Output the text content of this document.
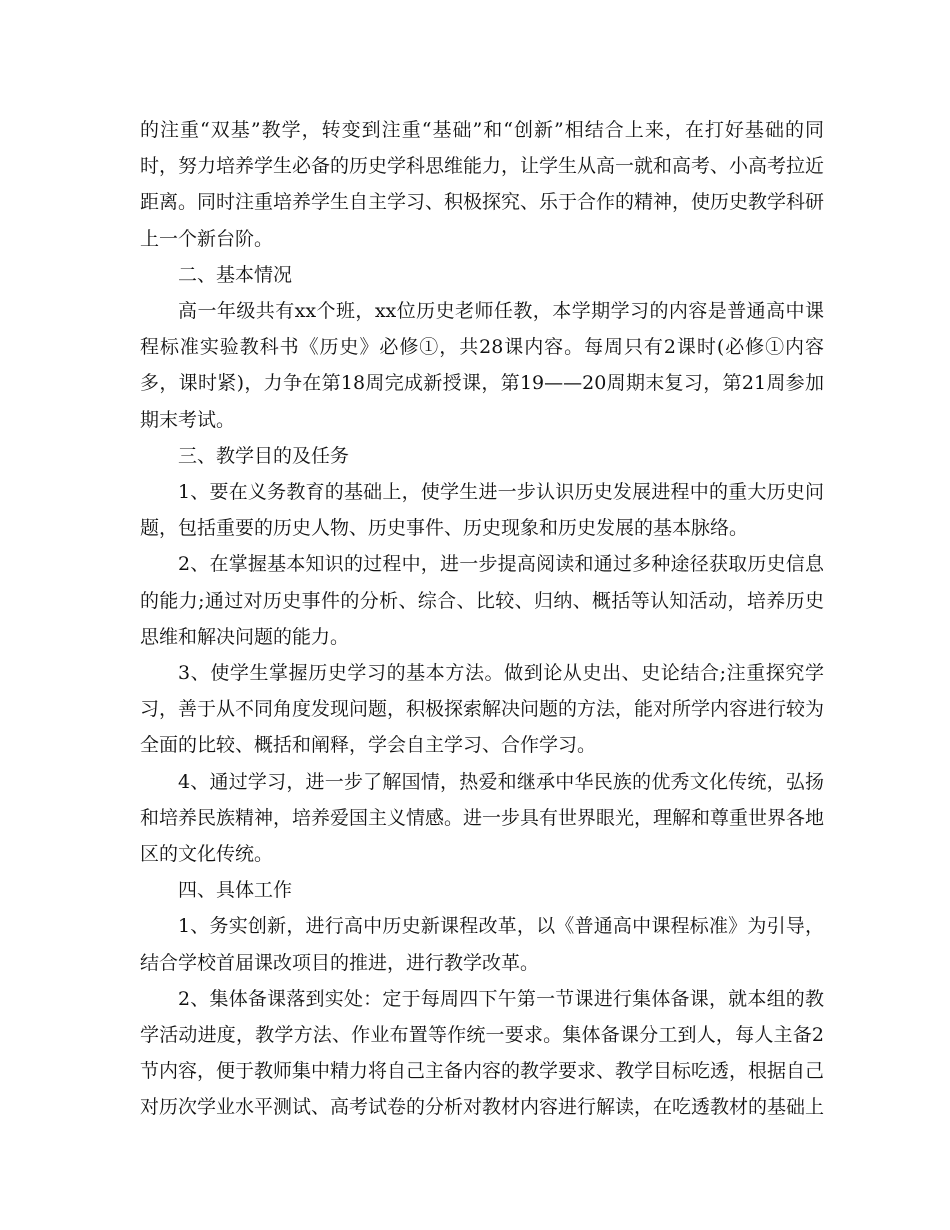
的注重“双基”教学，转变到注重“基础”和“创新”相结合上来，在打好基础的同时，努力培养学生必备的历史学科思维能力，让学生从高一就和高考、小高考拉近距离。同时注重培养学生自主学习、积极探究、乐于合作的精神，使历史教学科研上一个新台阶。

二、基本情况

高一年级共有xx个班，xx位历史老师任教，本学期学习的内容是普通高中课程标准实验教科书《历史》必修①，共28课内容。每周只有2课时(必修①内容多，课时紧)，力争在第18周完成新授课，第19——20周期末复习，第21周参加期末考试。

三、教学目的及任务

1、要在义务教育的基础上，使学生进一步认识历史发展进程中的重大历史问题，包括重要的历史人物、历史事件、历史现象和历史发展的基本脉络。

2、在掌握基本知识的过程中，进一步提高阅读和通过多种途径获取历史信息的能力;通过对历史事件的分析、综合、比较、归纳、概括等认知活动，培养历史思维和解决问题的能力。

3、使学生掌握历史学习的基本方法。做到论从史出、史论结合;注重探究学习，善于从不同角度发现问题，积极探索解决问题的方法，能对所学内容进行较为全面的比较、概括和阐释，学会自主学习、合作学习。

4、通过学习，进一步了解国情，热爱和继承中华民族的优秀文化传统，弘扬和培养民族精神，培养爱国主义情感。进一步具有世界眼光，理解和尊重世界各地区的文化传统。

四、具体工作

1、务实创新，进行高中历史新课程改革，以《普通高中课程标准》为引导，结合学校首届课改项目的推进，进行教学改革。

2、集体备课落到实处：定于每周四下午第一节课进行集体备课，就本组的教学活动进度，教学方法、作业布置等作统一要求。集体备课分工到人，每人主备2节内容，便于教师集中精力将自己主备内容的教学要求、教学目标吃透，根据自己对历次学业水平测试、高考试卷的分析对教材内容进行解读，在吃透教材的基础上
